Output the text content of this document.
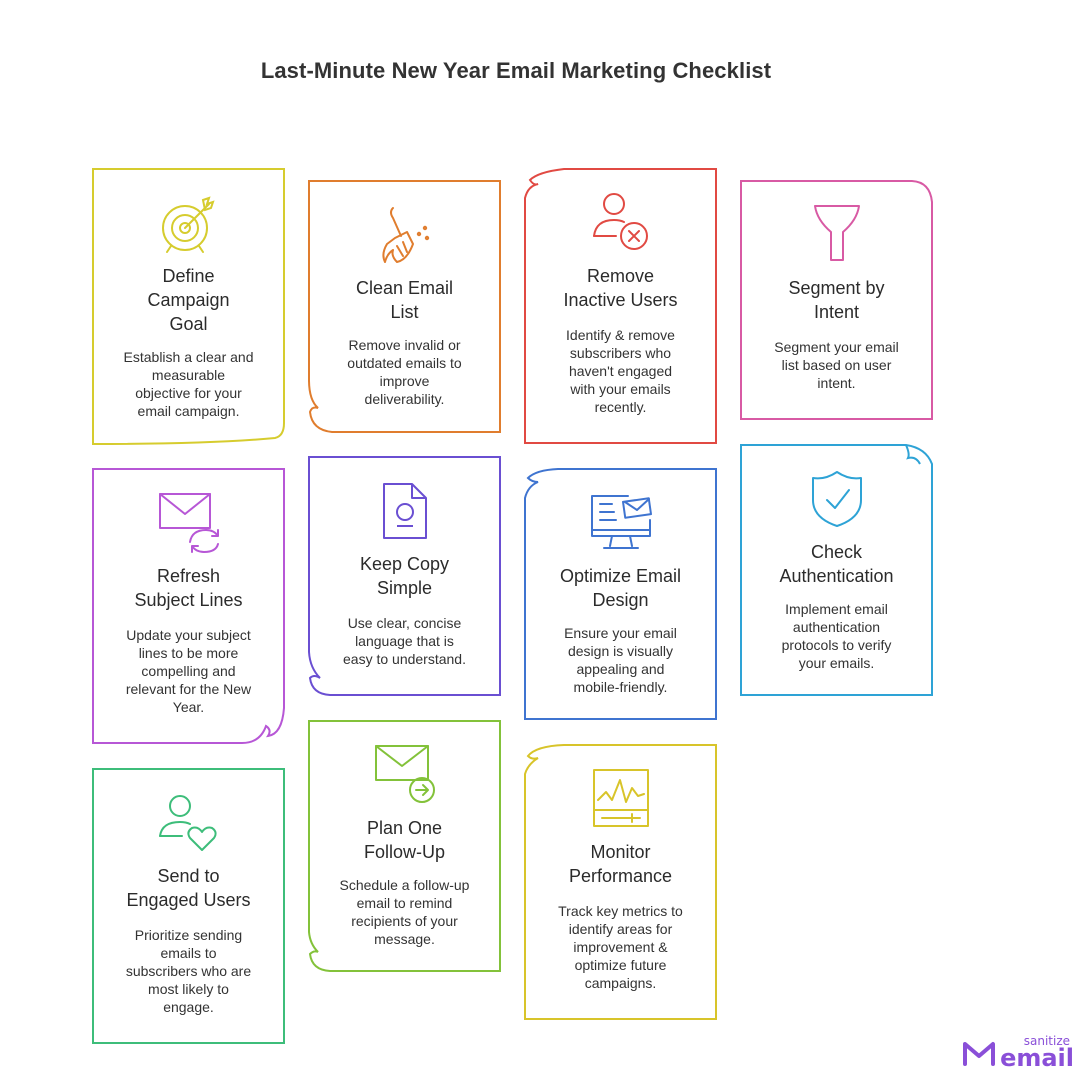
Last-Minute New Year Email Marketing Checklist
Define
Campaign
Goal
Establish a clear and
measurable
objective for your
email campaign.
Clean Email
List
Remove invalid or
outdated emails to
improve
deliverability.
Remove
Inactive Users
Identify & remove
subscribers who
haven't engaged
with your emails
recently.
Segment by
Intent
Segment your email
list based on user
intent.
Refresh
Subject Lines
Update your subject
lines to be more
compelling and
relevant for the New
Year.
Keep Copy
Simple
Use clear, concise
language that is
easy to understand.
Optimize Email
Design
Ensure your email
design is visually
appealing and
mobile-friendly.
Check
Authentication
Implement email
authentication
protocols to verify
your emails.
Send to
Engaged Users
Prioritize sending
emails to
subscribers who are
most likely to
engage.
Plan One
Follow-Up
Schedule a follow-up
email to remind
recipients of your
message.
Monitor
Performance
Track key metrics to
identify areas for
improvement &
optimize future
campaigns.
sanitize
email
